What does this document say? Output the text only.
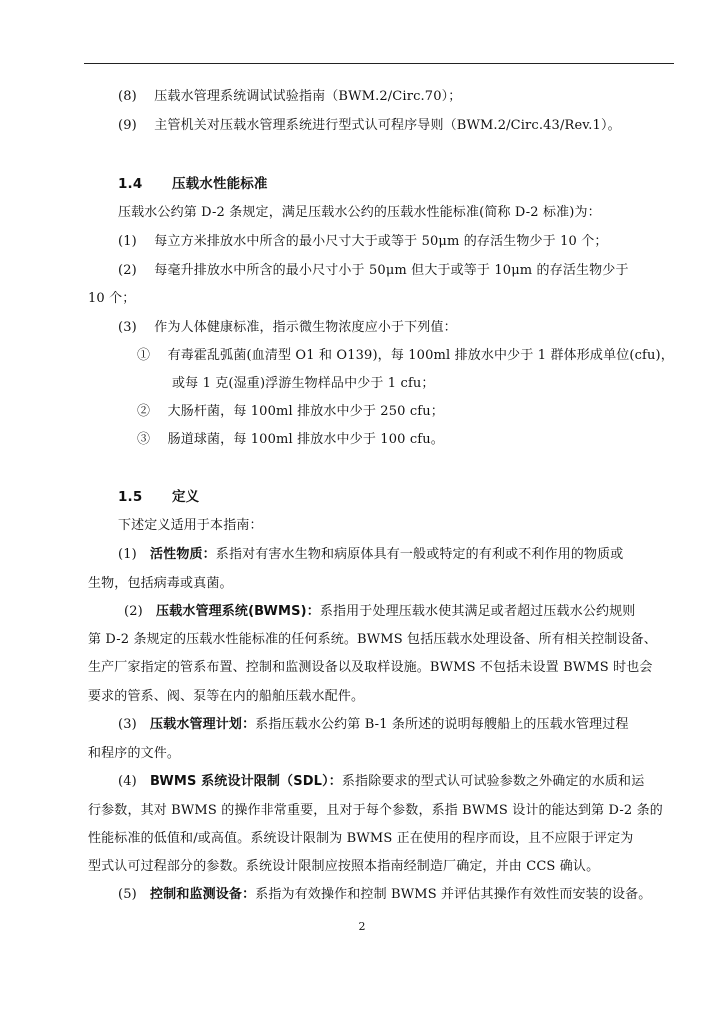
(8)　 压载水管理系统调试试验指南（BWM.2/Circ.70）；
(9)　 主管机关对压载水管理系统进行型式认可程序导则（BWM.2/Circ.43/Rev.1）。
1.4 压载水性能标准
压载水公约第 D-2 条规定，满足压载水公约的压载水性能标准(简称 D-2 标准)为：
(1)　 每立方米排放水中所含的最小尺寸大于或等于 50μm 的存活生物少于 10 个；
(2)　 每毫升排放水中所含的最小尺寸小于 50μm 但大于或等于 10μm 的存活生物少于
10 个；
(3)　 作为人体健康标准，指示微生物浓度应小于下列值：
①　 有毒霍乱弧菌(血清型 O1 和 O139)，每 100ml 排放水中少于 1 群体形成单位(cfu)，
或每 1 克(湿重)浮游生物样品中少于 1 cfu；
②　 大肠杆菌，每 100ml 排放水中少于 250 cfu；
③　 肠道球菌，每 100ml 排放水中少于 100 cfu。
1.5 定义
下述定义适用于本指南：
(1)  活性物质：系指对有害水生物和病原体具有一般或特定的有利或不利作用的物质或
生物，包括病毒或真菌。
(2)  压载水管理系统(BWMS)：系指用于处理压载水使其满足或者超过压载水公约规则
第 D-2 条规定的压载水性能标准的任何系统。BWMS 包括压载水处理设备、所有相关控制设备、
生产厂家指定的管系布置、控制和监测设备以及取样设施。BWMS 不包括未设置 BWMS 时也会
要求的管系、阀、泵等在内的船舶压载水配件。
(3)  压载水管理计划：系指压载水公约第 B-1 条所述的说明每艘船上的压载水管理过程
和程序的文件。
(4)  BWMS 系统设计限制（SDL）：系指除要求的型式认可试验参数之外确定的水质和运
行参数，其对 BWMS 的操作非常重要，且对于每个参数，系指 BWMS 设计的能达到第 D-2 条的
性能标准的低值和/或高值。系统设计限制为 BWMS 正在使用的程序而设，且不应限于评定为
型式认可过程部分的参数。系统设计限制应按照本指南经制造厂确定，并由 CCS 确认。
(5)  控制和监测设备：系指为有效操作和控制 BWMS 并评估其操作有效性而安装的设备。
2
